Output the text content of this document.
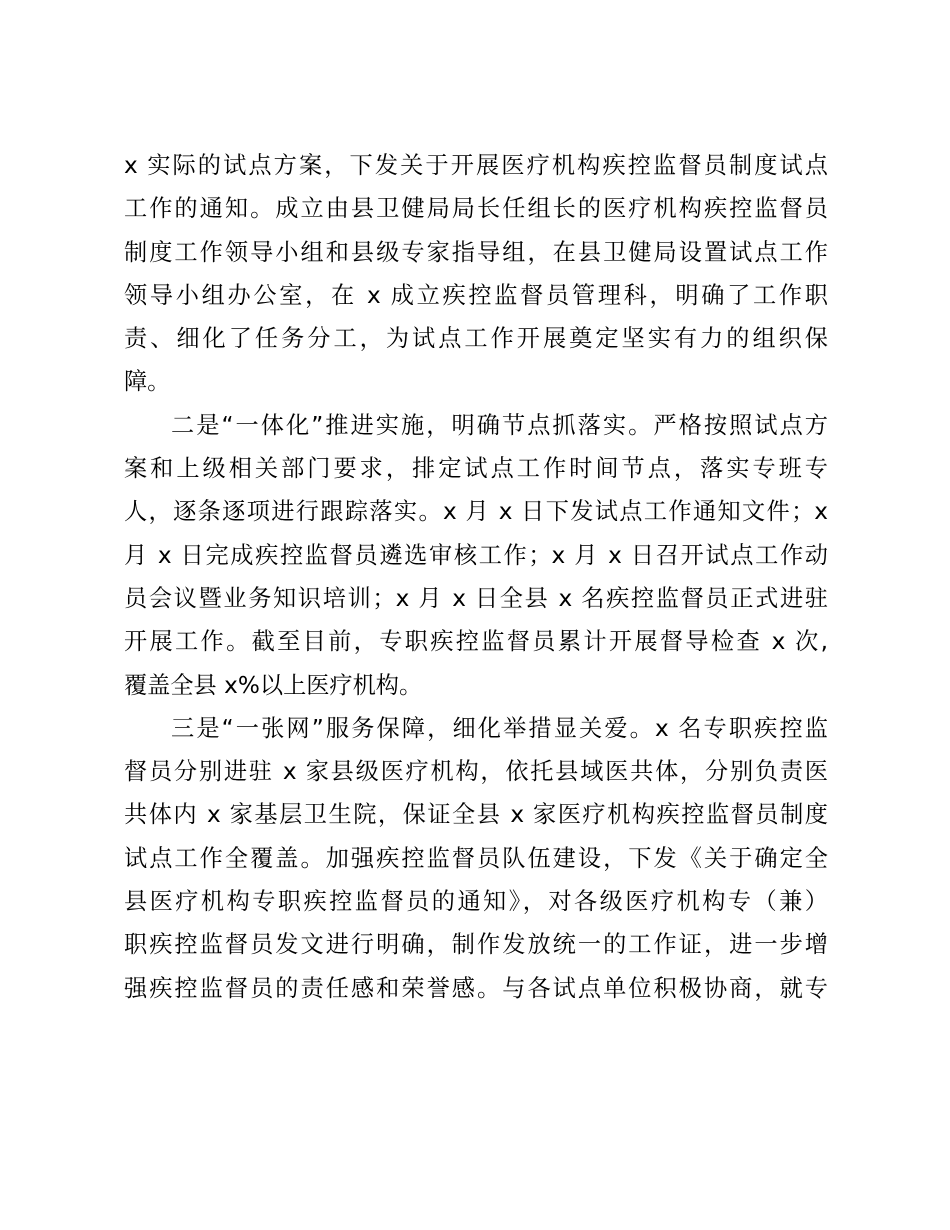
x 实际的试点方案，下发关于开展医疗机构疾控监督员制度试点
工作的通知。成立由县卫健局局长任组长的医疗机构疾控监督员
制度工作领导小组和县级专家指导组，在县卫健局设置试点工作
领导小组办公室，在 x 成立疾控监督员管理科，明确了工作职
责、细化了任务分工，为试点工作开展奠定坚实有力的组织保
障。
二是“一体化”推进实施，明确节点抓落实。严格按照试点方
案和上级相关部门要求，排定试点工作时间节点，落实专班专
人，逐条逐项进行跟踪落实。x 月 x 日下发试点工作通知文件；x
月 x 日完成疾控监督员遴选审核工作；x 月 x 日召开试点工作动
员会议暨业务知识培训；x 月 x 日全县 x 名疾控监督员正式进驻
开展工作。截至目前，专职疾控监督员累计开展督导检查 x 次,
覆盖全县 x%以上医疗机构。
三是“一张网”服务保障，细化举措显关爱。x 名专职疾控监
督员分别进驻 x 家县级医疗机构，依托县域医共体，分别负责医
共体内 x 家基层卫生院，保证全县 x 家医疗机构疾控监督员制度
试点工作全覆盖。加强疾控监督员队伍建设，下发《关于确定全
县医疗机构专职疾控监督员的通知》，对各级医疗机构专（兼）
职疾控监督员发文进行明确，制作发放统一的工作证，进一步增
强疾控监督员的责任感和荣誉感。与各试点单位积极协商，就专
